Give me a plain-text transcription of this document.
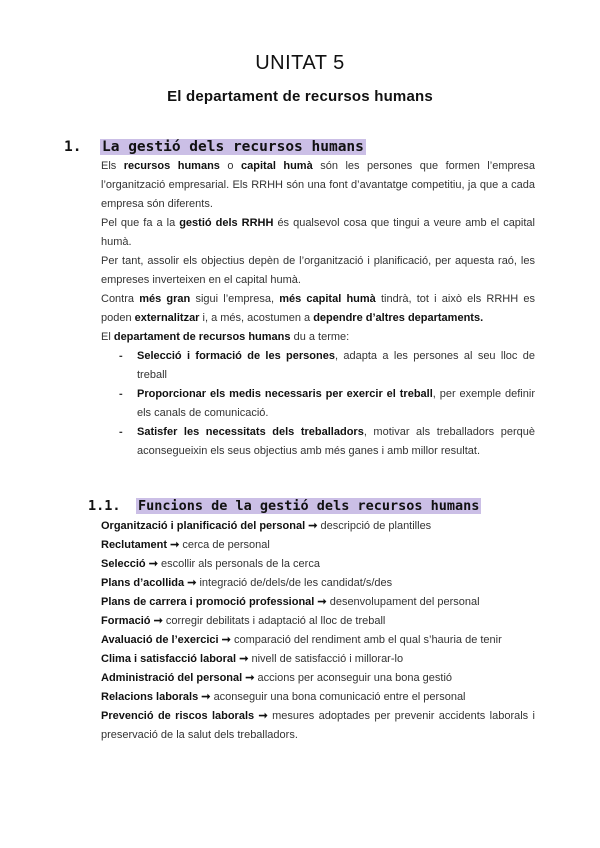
UNITAT 5
El departament de recursos humans
1. La gestió dels recursos humans

Els recursos humans o capital humà són les persones que formen l’empresa l’organització empresarial. Els RRHH són una font d’avantatge competitiu, ja que a cada empresa són diferents.

Pel que fa a la gestió dels RRHH és qualsevol cosa que tingui a veure amb el capital humà.

Per tant, assolir els objectius depèn de l’organització i planificació, per aquesta raó, les empreses inverteixen en el capital humà.

Contra més gran sigui l’empresa, més capital humà tindrà, tot i això els RRHH es poden externalitzar i, a més, acostumen a dependre d’altres departaments.

El departament de recursos humans du a terme:

- Selecció i formació de les persones, adapta a les persones al seu lloc de treball
- Proporcionar els medis necessaris per exercir el treball, per exemple definir els canals de comunicació.
- Satisfer les necessitats dels treballadors, motivar als treballadors perquè aconsegueixin els seus objectius amb més ganes i amb millor resultat.
1.1. Funcions de la gestió dels recursos humans
Organització i planificació del personal ➞ descripció de plantilles
Reclutament ➞ cerca de personal
Selecció ➞ escollir als personals de la cerca
Plans d’acollida ➞ integració de/dels/de les candidat/s/des
Plans de carrera i promoció professional ➞ desenvolupament del personal
Formació ➞ corregir debilitats i adaptació al lloc de treball
Avaluació de l’exercici ➞ comparació del rendiment amb el qual s’hauria de tenir
Clima i satisfacció laboral ➞ nivell de satisfacció i millorar-lo
Administració del personal ➞ accions per aconseguir una bona gestió
Relacions laborals ➞ aconseguir una bona comunicació entre el personal
Prevenció de riscos laborals ➞ mesures adoptades per prevenir accidents laborals i preservació de la salut dels treballadors.
